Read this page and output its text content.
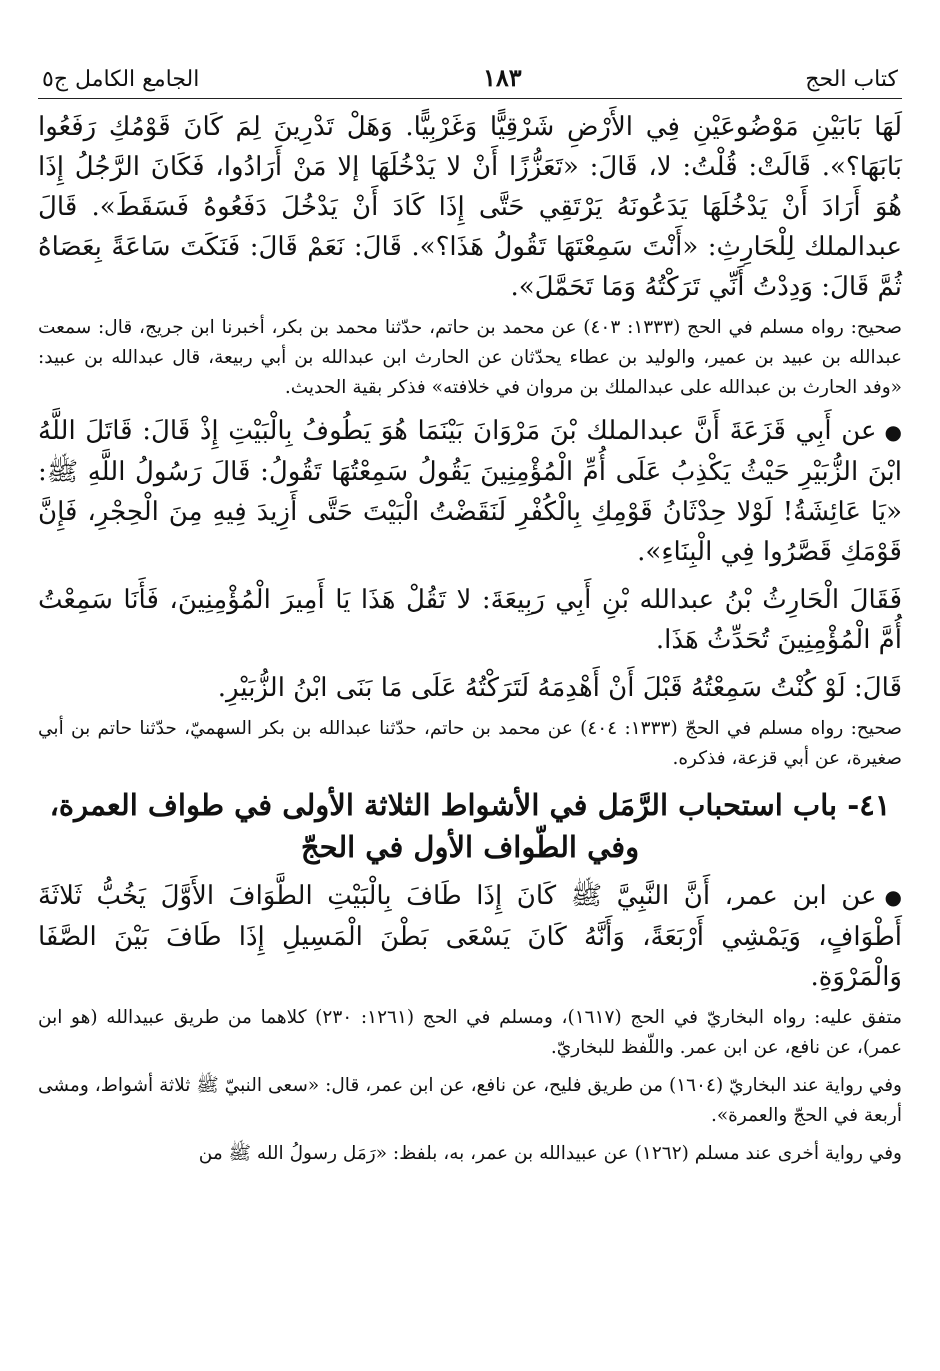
كتاب الحج
١٨٣
الجامع الكامل ج٥

لَهَا بَابَيْنِ مَوْضُوعَيْنِ فِي الأَرْضِ شَرْقِيًّا وَغَرْبِيًّا. وَهَلْ تَدْرِينَ لِمَ كَانَ قَوْمُكِ رَفَعُوا بَابَهَا؟». قَالَتْ: قُلْتُ: لا، قَالَ: «تَعَزُّزًا أَنْ لا يَدْخُلَهَا إلا مَنْ أَرَادُوا، فَكَانَ الرَّجُلُ إِذَا هُوَ أَرَادَ أَنْ يَدْخُلَهَا يَدَعُونَهُ يَرْتَقِي حَتَّى إِذَا كَادَ أَنْ يَدْخُلَ دَفَعُوهُ فَسَقَطَ». قَالَ عبدالملك لِلْحَارِثِ: «أَنْتَ سَمِعْتَهَا تَقُولُ هَذَا؟». قَالَ: نَعَمْ قَالَ: فَنَكَتَ سَاعَةً بِعَصَاهُ ثُمَّ قَالَ: وَدِدْتُ أَنِّي تَرَكْتُهُ وَمَا تَحَمَّلَ».

صحيح: رواه مسلم في الحج (١٣٣٣: ٤٠٣) عن محمد بن حاتم، حدّثنا محمد بن بكر، أخبرنا ابن جريج، قال: سمعت عبدالله بن عبيد بن عمير، والوليد بن عطاء يحدّثان عن الحارث ابن عبدالله بن أبي ربيعة، قال عبدالله بن عبيد: «وفد الحارث بن عبدالله على عبدالملك بن مروان في خلافته» فذكر بقية الحديث.

●عن أَبِي قَزَعَةَ أَنَّ عبدالملك بْنَ مَرْوَانَ بَيْنَمَا هُوَ يَطُوفُ بِالْبَيْتِ إِذْ قَالَ: قَاتَلَ اللَّهُ ابْنَ الزُّبَيْرِ حَيْثُ يَكْذِبُ عَلَى أُمِّ الْمُؤْمِنِينَ يَقُولُ سَمِعْتُهَا تَقُولُ: قَالَ رَسُولُ اللَّهِ ﷺ: «يَا عَائِشَةُ! لَوْلا حِدْثَانُ قَوْمِكِ بِالْكُفْرِ لَنَقَضْتُ الْبَيْتَ حَتَّى أَزِيدَ فِيهِ مِنَ الْحِجْرِ، فَإِنَّ قَوْمَكِ قَصَّرُوا فِي الْبِنَاءِ».

فَقَالَ الْحَارِثُ بْنُ عبدالله بْنِ أَبِي رَبِيعَةَ: لا تَقُلْ هَذَا يَا أَمِيرَ الْمُؤْمِنِينَ، فَأَنَا سَمِعْتُ أُمَّ الْمُؤْمِنِينَ تُحَدِّثُ هَذَا.

قَالَ: لَوْ كُنْتُ سَمِعْتُهُ قَبْلَ أَنْ أَهْدِمَهُ لَتَرَكْتُهُ عَلَى مَا بَنَى ابْنُ الزُّبَيْرِ.

صحيح: رواه مسلم في الحجّ (١٣٣٣: ٤٠٤) عن محمد بن حاتم، حدّثنا عبدالله بن بكر السهميّ، حدّثنا حاتم بن أبي صغيرة، عن أبي قزعة، فذكره.

٤١- باب استحباب الرَّمَل في الأشواط الثلاثة الأولى في طواف العمرة، وفي الطّواف الأول في الحجّ

●عن ابن عمر، أَنَّ النَّبِيَّ ﷺ كَانَ إِذَا طَافَ بِالْبَيْتِ الطَّوَافَ الأَوَّلَ يَخُبُّ ثَلاثَةَ أَطْوَافٍ، وَيَمْشِي أَرْبَعَةً، وَأَنَّهُ كَانَ يَسْعَى بَطْنَ الْمَسِيلِ إِذَا طَافَ بَيْنَ الصَّفَا وَالْمَرْوَةِ.

متفق عليه: رواه البخاريّ في الحج (١٦١٧)، ومسلم في الحج (١٢٦١: ٢٣٠) كلاهما من طريق عبيدالله (هو ابن عمر)، عن نافع، عن ابن عمر. واللّفظ للبخاريّ.

وفي رواية عند البخاريّ (١٦٠٤) من طريق فليح، عن نافع، عن ابن عمر، قال: «سعى النبيّ ﷺ ثلاثة أشواط، ومشى أربعة في الحجّ والعمرة».

وفي رواية أخرى عند مسلم (١٢٦٢) عن عبيدالله بن عمر، به، بلفظ: «رَمَل رسولُ الله ﷺ من
